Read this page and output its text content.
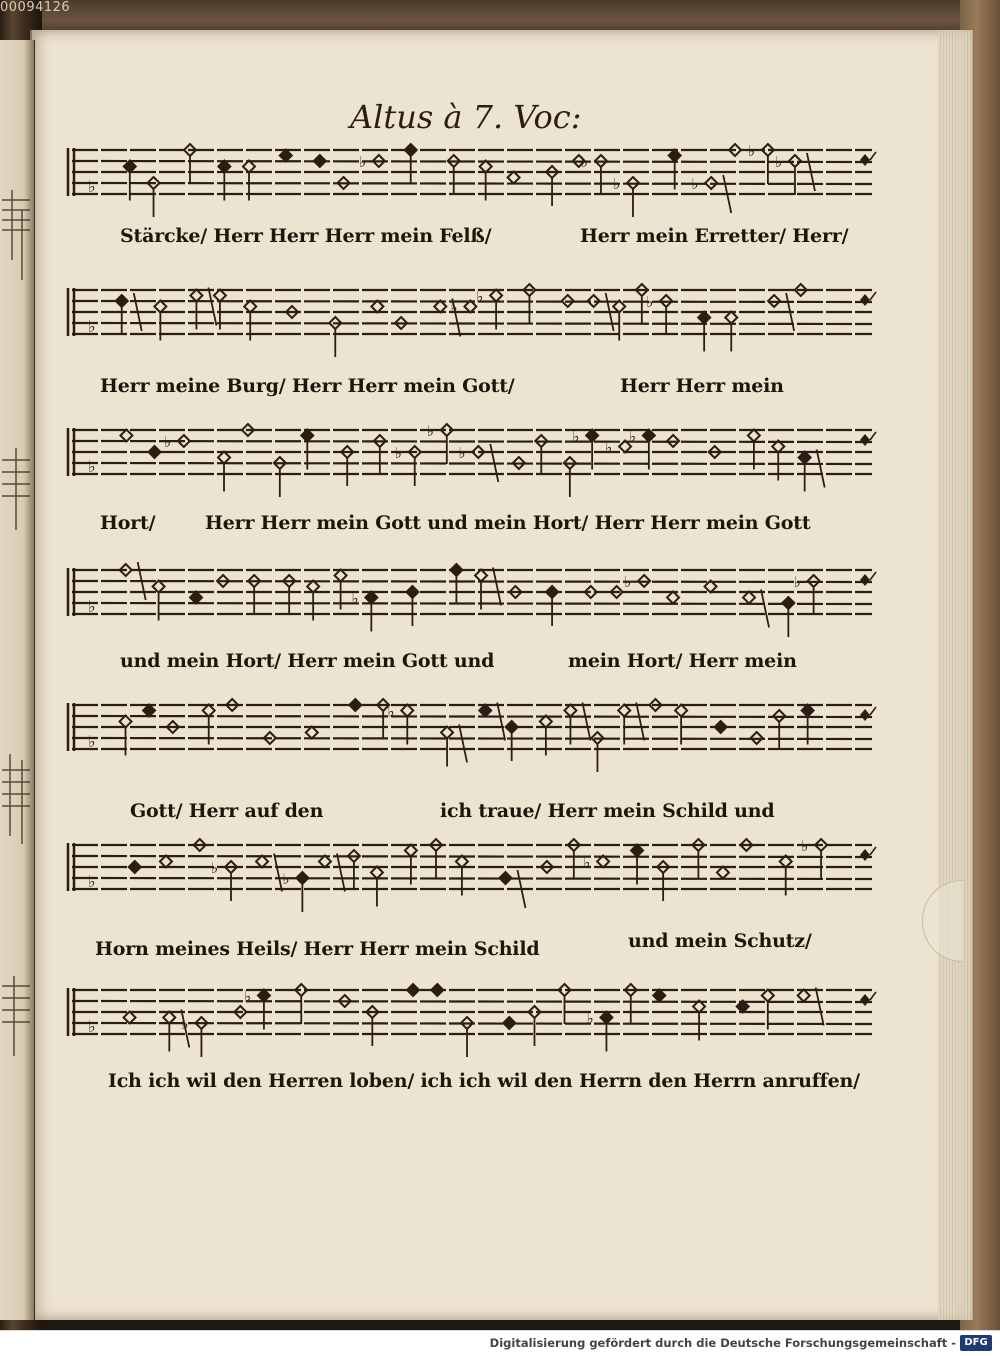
00094126
Altus à 7. Voc:
♭
♭	♭
♭	♭
♭
♭
Stärcke/ Herr Herr Herr mein Felß/	Herr mein Erretter/ Herr/
♭
♭
♭	♭
Herr meine Burg/ Herr Herr mein Gott/	Herr Herr mein
♭
♭
♭
♭
♭
♭
♭
♭
Hort/	Herr Herr mein Gott und mein Hort/ Herr Herr mein Gott
♭	♭
♭	♭
und mein Hort/ Herr mein Gott und	mein Hort/ Herr mein
♭
♭
Gott/ Herr auf den	ich traue/ Herr mein Schild und
♭
♭
♭
♭
♭
Horn meines Heils/ Herr Herr mein Schild	und mein Schutz/
♭	♭
♭
♭
Ich ich wil den Herren loben/ ich ich wil den Herrn den Herrn anruffen/
Digitalisierung gefördert durch die Deutsche Forschungsgemeinschaft - DFG
